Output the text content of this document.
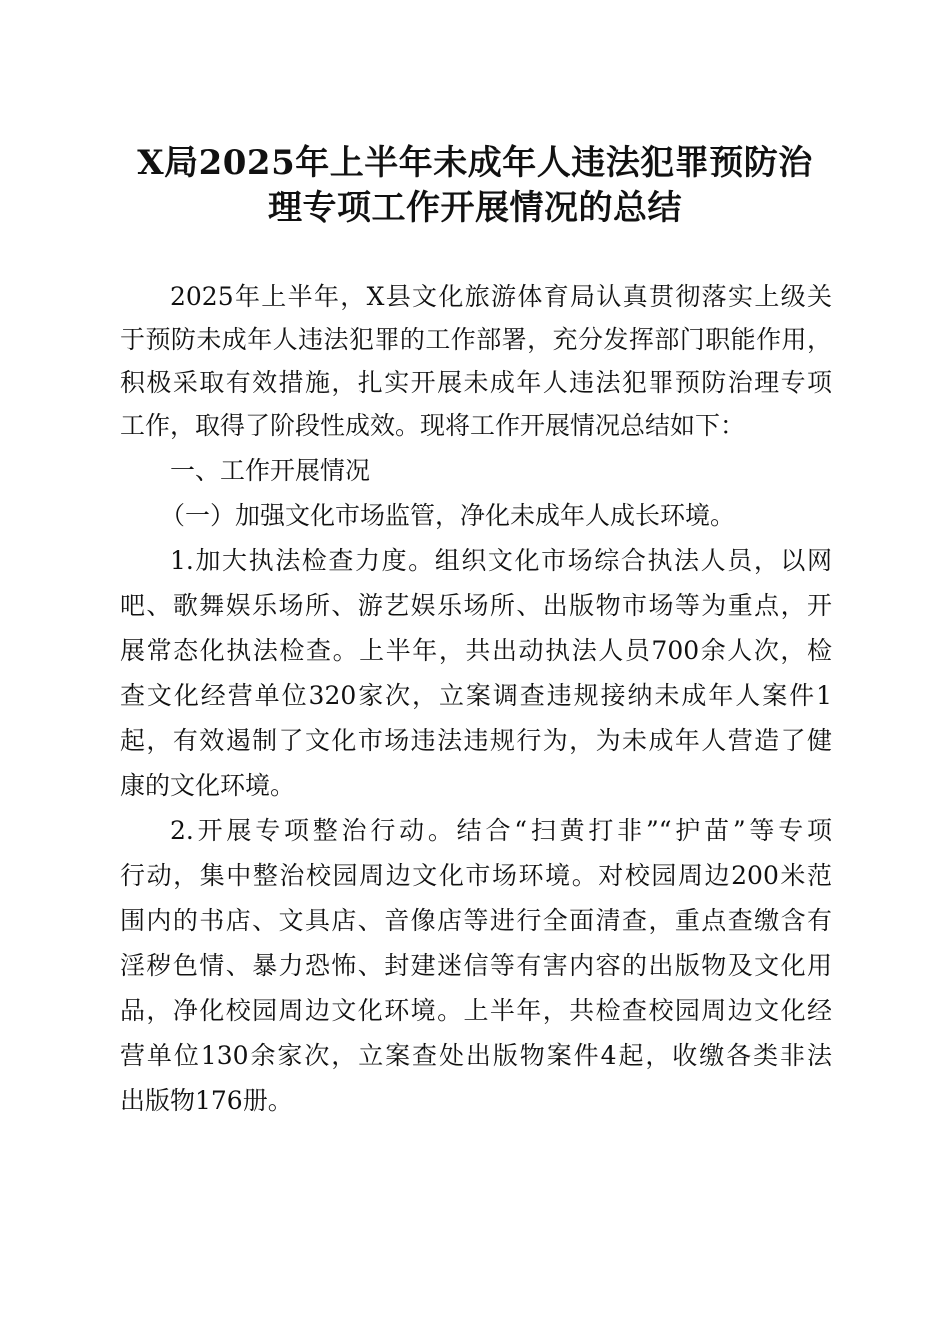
X局2025年上半年未成年人违法犯罪预防治
理专项工作开展情况的总结
2025年上半年，X县文化旅游体育局认真贯彻落实上级关
于预防未成年人违法犯罪的工作部署，充分发挥部门职能作用，
积极采取有效措施，扎实开展未成年人违法犯罪预防治理专项
工作，取得了阶段性成效。现将工作开展情况总结如下：
一、工作开展情况
（一）加强文化市场监管，净化未成年人成长环境。
1.加大执法检查力度。组织文化市场综合执法人员，以网
吧、歌舞娱乐场所、游艺娱乐场所、出版物市场等为重点，开
展常态化执法检查。上半年，共出动执法人员700余人次，检
查文化经营单位320家次，立案调查违规接纳未成年人案件1
起，有效遏制了文化市场违法违规行为，为未成年人营造了健
康的文化环境。
2.开展专项整治行动。结合“扫黄打非”“护苗”等专项
行动，集中整治校园周边文化市场环境。对校园周边200米范
围内的书店、文具店、音像店等进行全面清查，重点查缴含有
淫秽色情、暴力恐怖、封建迷信等有害内容的出版物及文化用
品，净化校园周边文化环境。上半年，共检查校园周边文化经
营单位130余家次，立案查处出版物案件4起，收缴各类非法
出版物176册。
